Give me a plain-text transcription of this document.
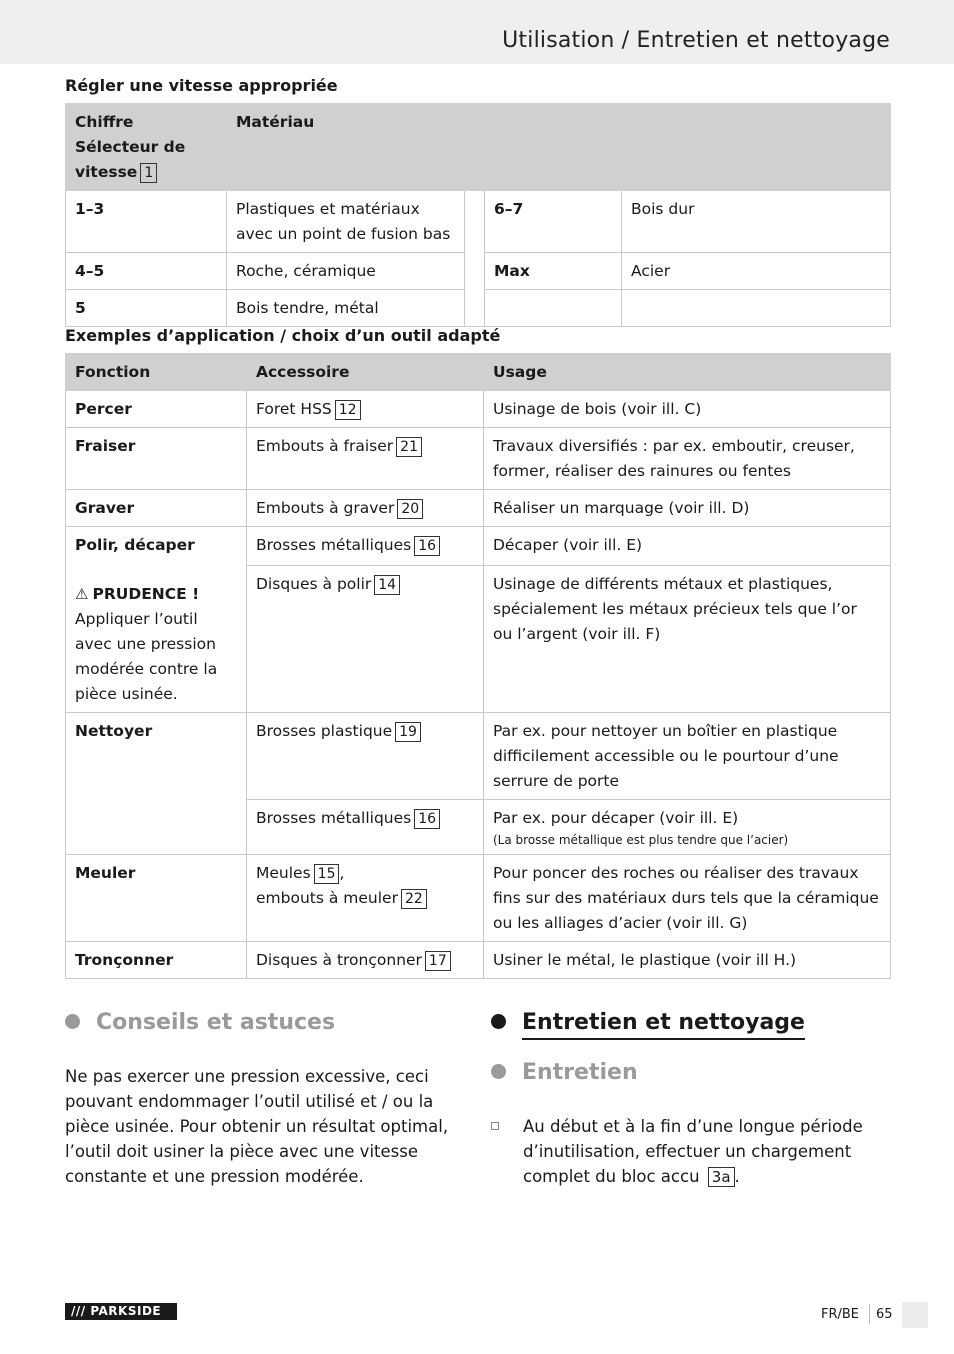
Utilisation / Entretien et nettoyage
Régler une vitesse appropriée
Chiffre
Sélecteur de
vitesse 1	Matériau			
1–3	Plastiques et matériaux avec un point de fusion bas		6–7	Bois dur
4–5	Roche, céramique		Max	Acier
5	Bois tendre, métal			
Exemples d’application / choix d’un outil adapté
Fonction	Accessoire	Usage
Percer	Foret HSS 12	Usinage de bois (voir ill. C)
Fraiser	Embouts à fraiser 21	Travaux diversifiés : par ex. emboutir, creuser, former, réaliser des rainures ou fentes
Graver	Embouts à graver 20	Réaliser un marquage (voir ill. D)
Polir, décaper
⚠ PRUDENCE !
Appliquer l’outil avec une pression modérée contre la pièce usinée.	Brosses métalliques 16	Décaper (voir ill. E)
	Disques à polir 14	Usinage de différents métaux et plastiques, spécialement les métaux précieux tels que l’or ou l’argent (voir ill. F)
Nettoyer	Brosses plastique 19	Par ex. pour nettoyer un boîtier en plastique difficilement accessible ou le pourtour d’une serrure de porte
	Brosses métalliques 16	Par ex. pour décaper (voir ill. E)
(La brosse métallique est plus tendre que l’acier)

Meuler	Meules 15 ,
embouts à meuler 22	Pour poncer des roches ou réaliser des travaux fins sur des matériaux durs tels que la céramique ou les alliages d’acier (voir ill. G)
Tronçonner	Disques à tronçonner 17	Usiner le métal, le plastique (voir ill H.)
Conseils et astuces
Ne pas exercer une pression excessive, ceci pouvant endommager l’outil utilisé et / ou la pièce usinée. Pour obtenir un résultat optimal, l’outil doit usiner la pièce avec une vitesse constante et une pression modérée.
Entretien et nettoyage
Entretien
Au début et à la fin d’une longue période d’inutilisation, effectuer un chargement complet du bloc accu 3a .
/// PARKSIDE	FR/BE 65
